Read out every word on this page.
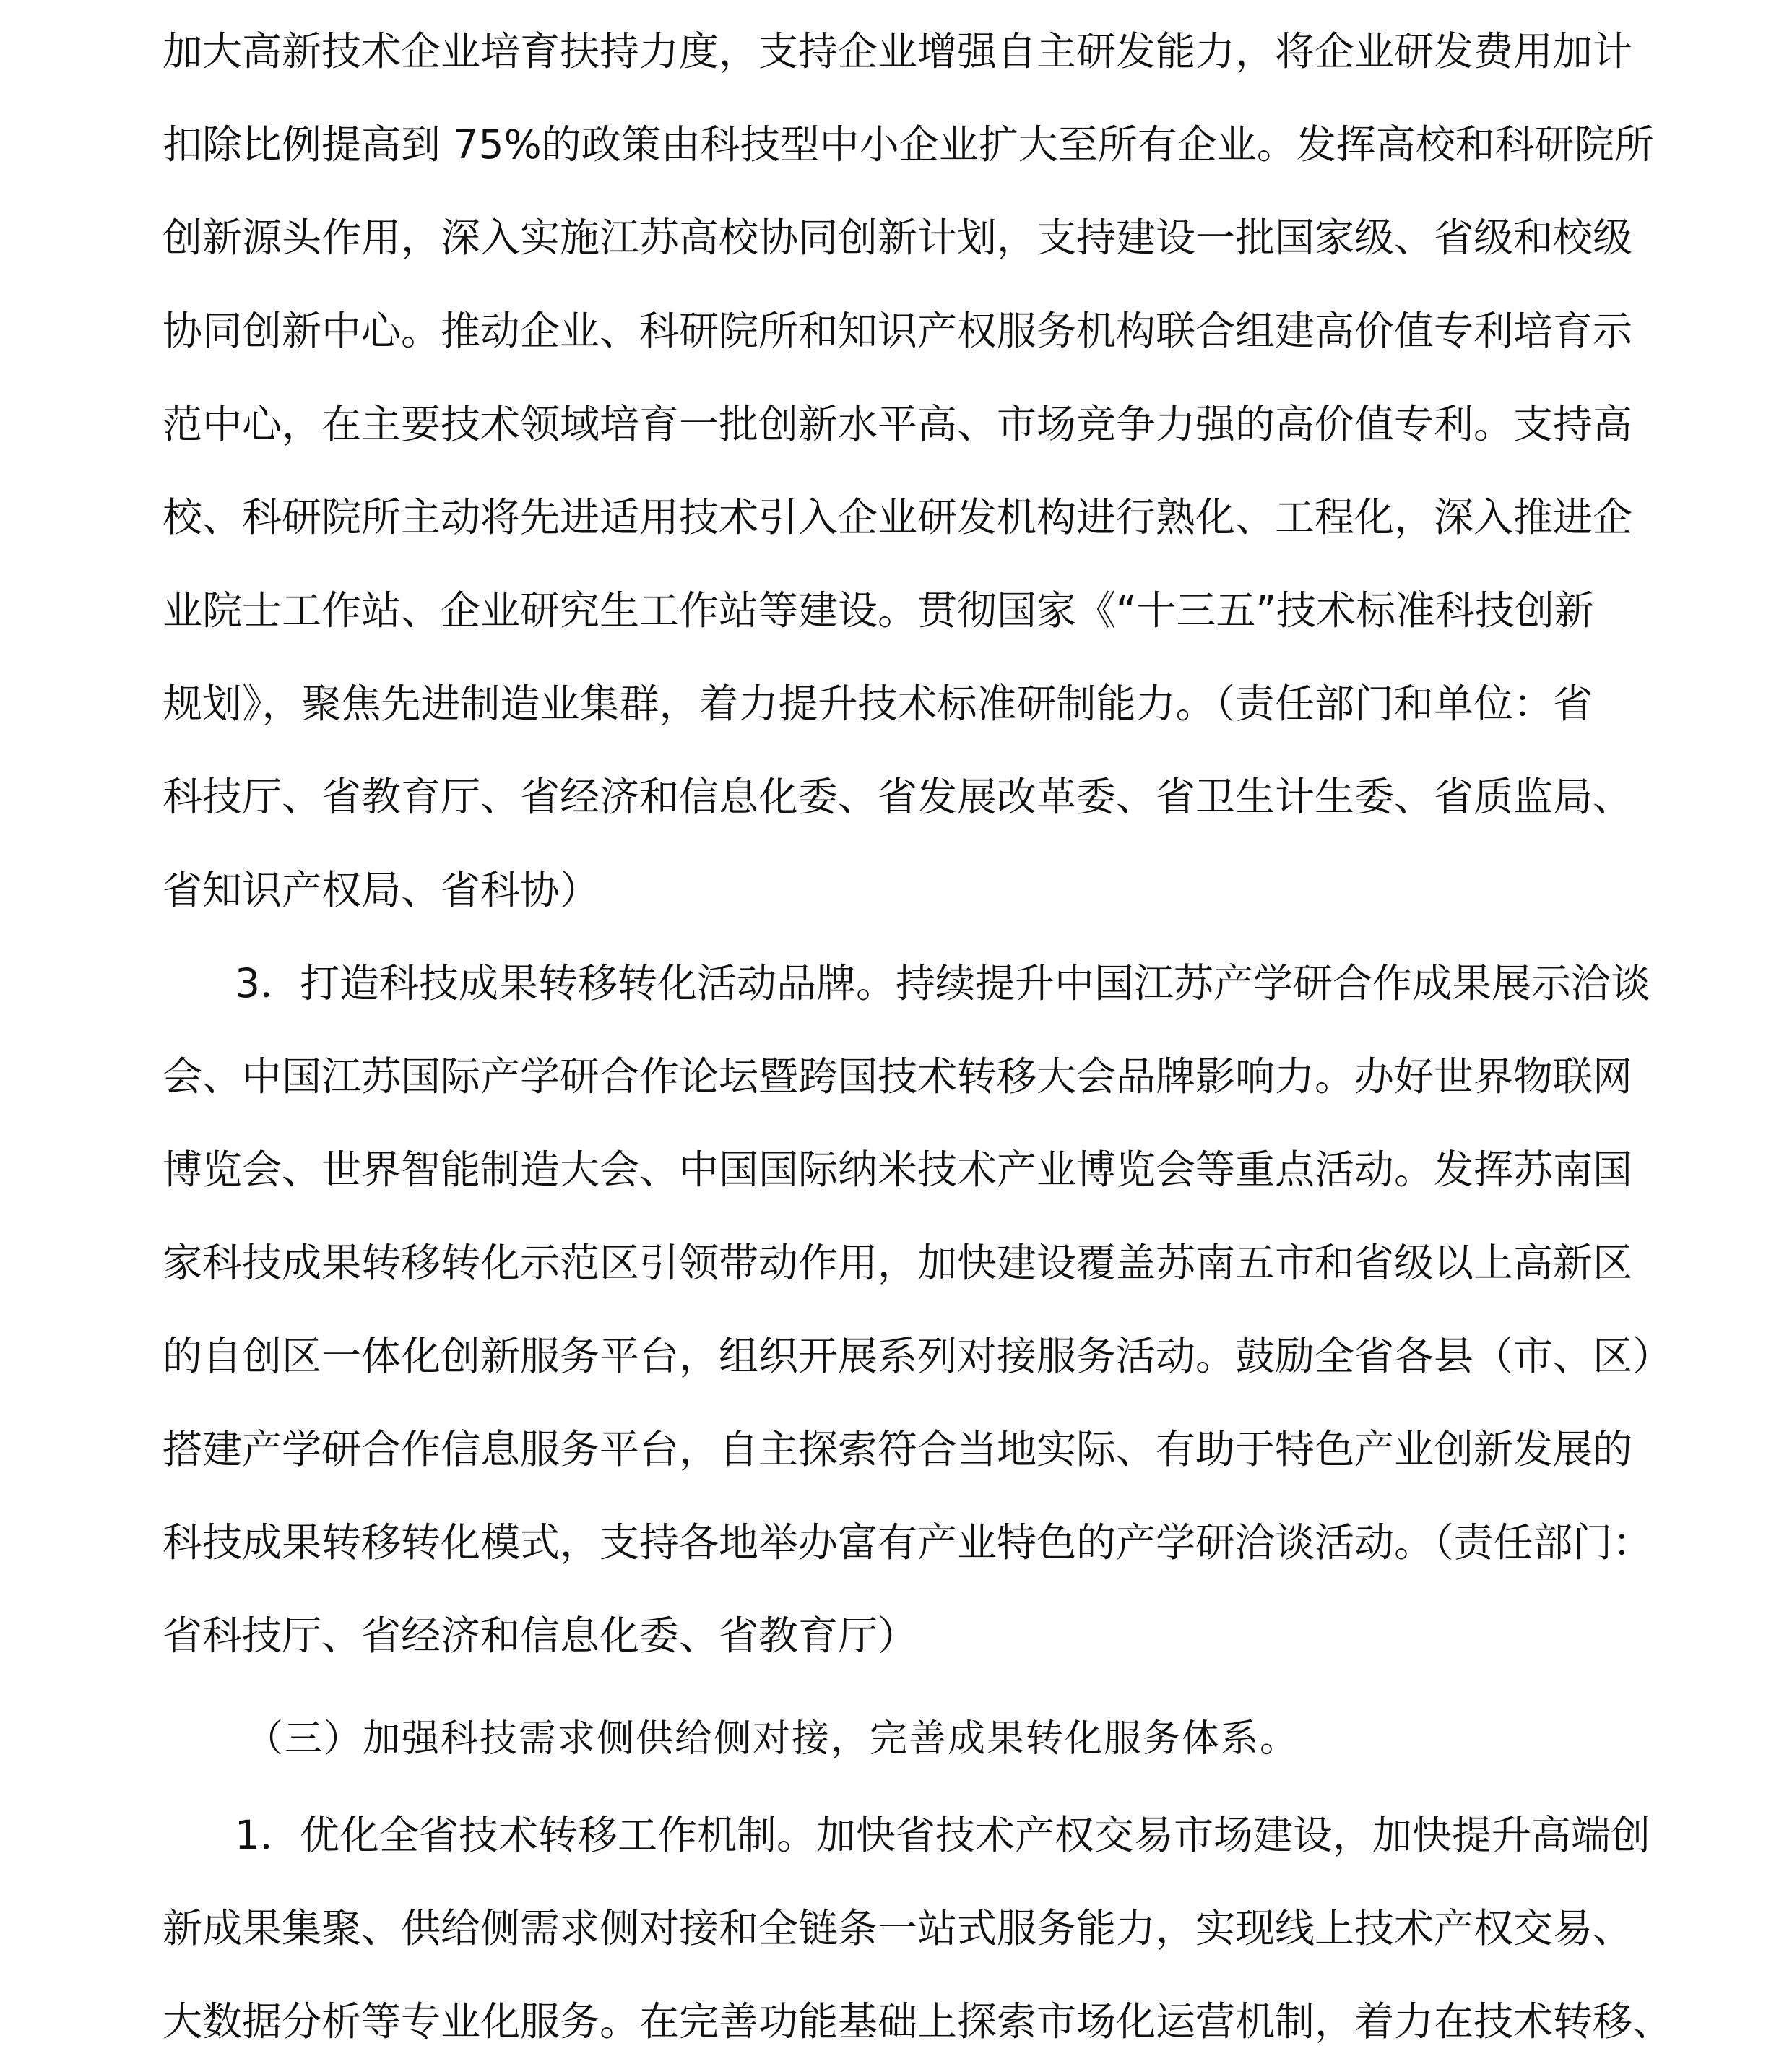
加大高新技术企业培育扶持力度，支持企业增强自主研发能力，将企业研发费用加计
扣除比例提高到 75%的政策由科技型中小企业扩大至所有企业。发挥高校和科研院所
创新源头作用，深入实施江苏高校协同创新计划，支持建设一批国家级、省级和校级
协同创新中心。推动企业、科研院所和知识产权服务机构联合组建高价值专利培育示
范中心，在主要技术领域培育一批创新水平高、市场竞争力强的高价值专利。支持高
校、科研院所主动将先进适用技术引入企业研发机构进行熟化、工程化，深入推进企
业院士工作站、企业研究生工作站等建设。贯彻国家《“十三五”技术标准科技创新
规划》，聚焦先进制造业集群，着力提升技术标准研制能力。（责任部门和单位：省
科技厅、省教育厅、省经济和信息化委、省发展改革委、省卫生计生委、省质监局、
省知识产权局、省科协）
3．打造科技成果转移转化活动品牌。持续提升中国江苏产学研合作成果展示洽谈
会、中国江苏国际产学研合作论坛暨跨国技术转移大会品牌影响力。办好世界物联网
博览会、世界智能制造大会、中国国际纳米技术产业博览会等重点活动。发挥苏南国
家科技成果转移转化示范区引领带动作用，加快建设覆盖苏南五市和省级以上高新区
的自创区一体化创新服务平台，组织开展系列对接服务活动。鼓励全省各县（市、区）
搭建产学研合作信息服务平台，自主探索符合当地实际、有助于特色产业创新发展的
科技成果转移转化模式，支持各地举办富有产业特色的产学研洽谈活动。（责任部门：
省科技厅、省经济和信息化委、省教育厅）
（三）加强科技需求侧供给侧对接，完善成果转化服务体系。
1．优化全省技术转移工作机制。加快省技术产权交易市场建设，加快提升高端创
新成果集聚、供给侧需求侧对接和全链条一站式服务能力，实现线上技术产权交易、
大数据分析等专业化服务。在完善功能基础上探索市场化运营机制，着力在技术转移、
